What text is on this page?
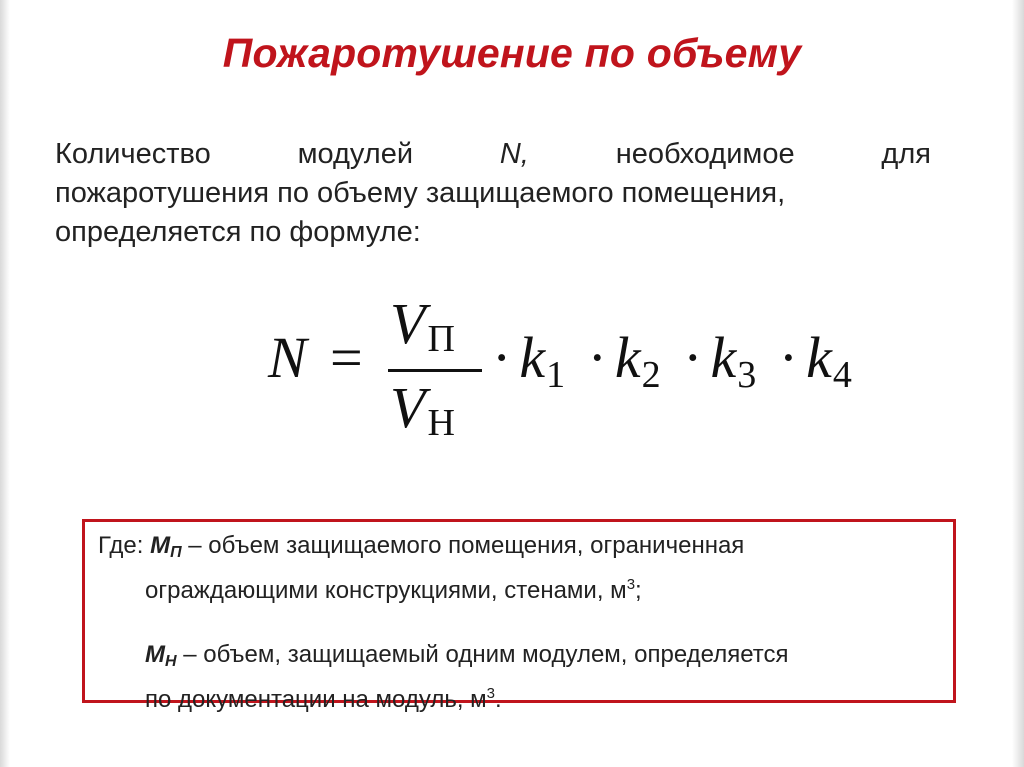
Пожаротушение по объему
Количество	модулей	N,	необходимое	для
пожаротушения по объему защищаемого помещения,
определяется по формуле:
N =
$V_П$
$V_Н$
· $k_1 \cdot k_2 \cdot k_3 \cdot k_4$
Где: $М_П$ – объем защищаемого помещения, ограниченная
ограждающими конструкциями, стенами, $м^3$;
$М_Н$ – объем, защищаемый одним модулем, определяется
по документации на модуль, $м^3$.
